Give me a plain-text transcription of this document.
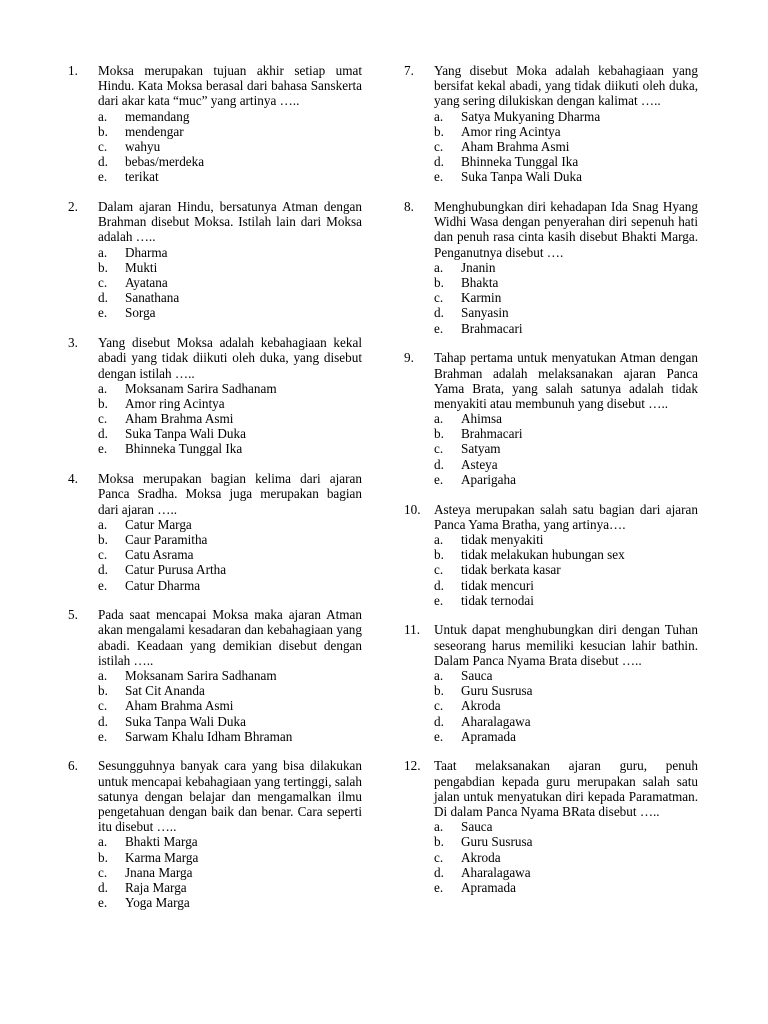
1.	Moksa merupakan tujuan akhir setiap umat Hindu. Kata Moksa berasal dari bahasa Sanskerta dari akar kata “muc” yang artinya …..
a. memandang
b. mendengar
c. wahyu
d. bebas/merdeka
e. terikat
2.	Dalam ajaran Hindu, bersatunya Atman dengan Brahman disebut Moksa. Istilah lain dari Moksa adalah …..
a. Dharma
b. Mukti
c. Ayatana
d. Sanathana
e. Sorga
3.	Yang disebut Moksa adalah kebahagiaan kekal abadi yang tidak diikuti oleh duka, yang disebut dengan istilah …..
a. Moksanam Sarira Sadhanam
b. Amor ring Acintya
c. Aham Brahma Asmi
d. Suka Tanpa Wali Duka
e. Bhinneka Tunggal Ika
4.	Moksa merupakan bagian kelima dari ajaran Panca Sradha. Moksa juga merupakan bagian dari ajaran …..
a. Catur Marga
b. Caur Paramitha
c. Catu Asrama
d. Catur Purusa Artha
e. Catur Dharma
5.	Pada saat mencapai Moksa maka ajaran Atman akan mengalami kesadaran dan kebahagiaan yang abadi. Keadaan yang demikian disebut dengan istilah …..
a. Moksanam Sarira Sadhanam
b. Sat Cit Ananda
c. Aham Brahma Asmi
d. Suka Tanpa Wali Duka
e. Sarwam Khalu Idham Bhraman
6.	Sesungguhnya banyak cara yang bisa dilakukan untuk mencapai kebahagiaan yang tertinggi, salah satunya dengan belajar dan mengamalkan ilmu pengetahuan dengan baik dan benar. Cara seperti itu disebut …..
a. Bhakti Marga
b. Karma Marga
c. Jnana Marga
d. Raja Marga
e. Yoga Marga
7.	Yang disebut Moka adalah kebahagiaan yang bersifat kekal abadi, yang tidak diikuti oleh duka, yang sering dilukiskan dengan kalimat …..
a. Satya Mukyaning Dharma
b. Amor ring Acintya
c. Aham Brahma Asmi
d. Bhinneka Tunggal Ika
e. Suka Tanpa Wali Duka
8.	Menghubungkan diri kehadapan Ida Snag Hyang Widhi Wasa dengan penyerahan diri sepenuh hati dan penuh rasa cinta kasih disebut Bhakti Marga. Penganutnya disebut ….
a. Jnanin
b. Bhakta
c. Karmin
d. Sanyasin
e. Brahmacari
9.	Tahap pertama untuk menyatukan Atman dengan Brahman adalah melaksanakan ajaran Panca Yama Brata, yang salah satunya adalah tidak menyakiti atau membunuh yang disebut …..
a. Ahimsa
b. Brahmacari
c. Satyam
d. Asteya
e. Aparigaha
10.	Asteya merupakan salah satu bagian dari ajaran Panca Yama Bratha, yang artinya….
a. tidak menyakiti
b. tidak melakukan hubungan sex
c. tidak berkata kasar
d. tidak mencuri
e. tidak ternodai
11.	Untuk dapat menghubungkan diri dengan Tuhan seseorang harus memiliki kesucian lahir bathin. Dalam Panca Nyama Brata disebut …..
a. Sauca
b. Guru Susrusa
c. Akroda
d. Aharalagawa
e. Apramada
12.	Taat melaksanakan ajaran guru, penuh pengabdian kepada guru merupakan salah satu jalan untuk menyatukan diri kepada Paramatman. Di dalam Panca Nyama BRata disebut …..
a. Sauca
b. Guru Susrusa
c. Akroda
d. Aharalagawa
e. Apramada
